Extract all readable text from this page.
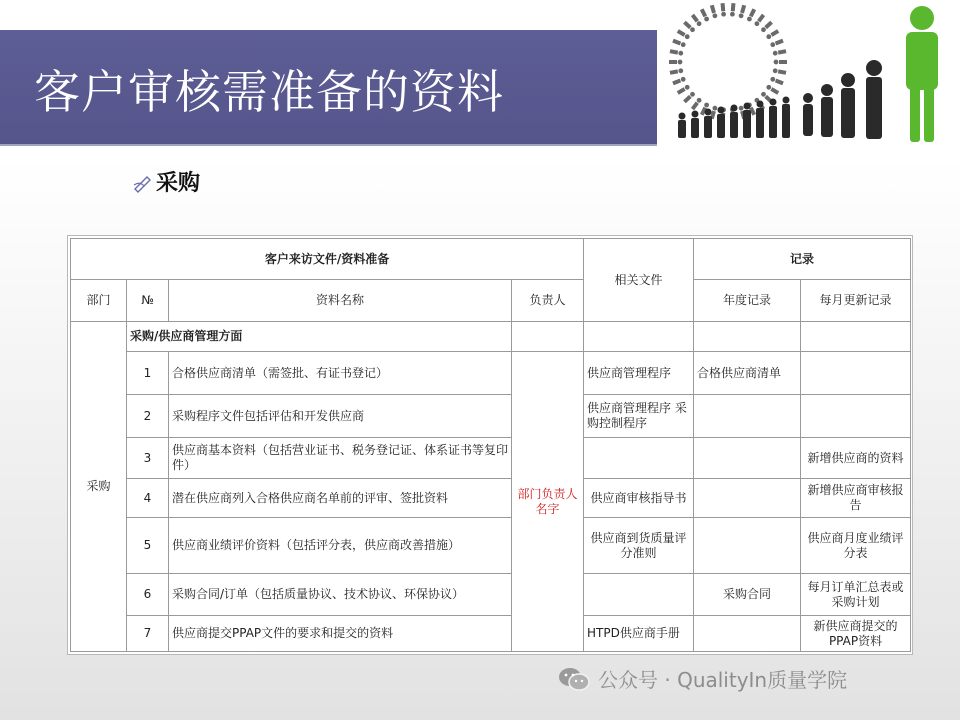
客户审核需准备的资料
采购
客户来访文件/资料准备				相关文件	记录	
部门	№	资料名称	负责人		年度记录	每月更新记录
采购	采购/供应商管理方面					
	1	合格供应商清单（需签批、有证书登记）	部门负责人名字	供应商管理程序	合格供应商清单	
	2	采购程序文件包括评估和开发供应商		供应商管理程序 采购控制程序		
	3	供应商基本资料（包括营业证书、税务登记证、体系证书等复印件）				新增供应商的资料
	4	潜在供应商列入合格供应商名单前的评审、签批资料		供应商审核指导书		新增供应商审核报告
	5	供应商业绩评价资料（包括评分表，供应商改善措施）		供应商到货质量评分准则		供应商月度业绩评分表
	6	采购合同/订单（包括质量协议、技术协议、环保协议）			采购合同	每月订单汇总表或采购计划
	7	供应商提交PPAP文件的要求和提交的资料		HTPD供应商手册		新供应商提交的PPAP资料
公众号 · QualityIn质量学院
